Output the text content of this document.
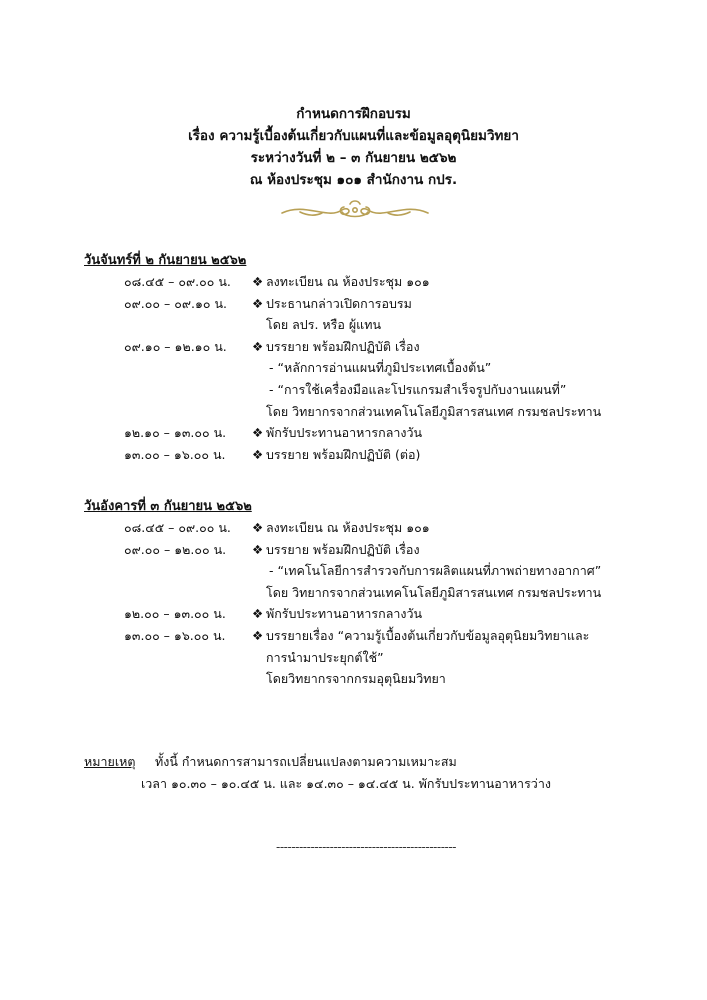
กำหนดการฝึกอบรม
เรื่อง ความรู้เบื้องต้นเกี่ยวกับแผนที่และข้อมูลอุตุนิยมวิทยา
ระหว่างวันที่ ๒ – ๓ กันยายน ๒๕๖๒
ณ ห้องประชุม ๑๐๑ สำนักงาน กปร.
วันจันทร์ที่ ๒ กันยายน ๒๕๖๒
๐๘.๔๕ – ๐๙.๐๐ น.	❖ ลงทะเบียน ณ ห้องประชุม ๑๐๑
๐๙.๐๐ – ๐๙.๑๐ น.	❖ ประธานกล่าวเปิดการอบรม
โดย ลปร. หรือ ผู้แทน
๐๙.๑๐ – ๑๒.๑๐ น.	❖ บรรยาย พร้อมฝึกปฏิบัติ เรื่อง
- “หลักการอ่านแผนที่ภูมิประเทศเบื้องต้น”
- “การใช้เครื่องมือและโปรแกรมสำเร็จรูปกับงานแผนที่”
โดย วิทยากรจากส่วนเทคโนโลยีภูมิสารสนเทศ กรมชลประทาน
๑๒.๑๐ – ๑๓.๐๐ น.	❖ พักรับประทานอาหารกลางวัน
๑๓.๐๐ – ๑๖.๐๐ น.	❖ บรรยาย พร้อมฝึกปฏิบัติ (ต่อ)
วันอังคารที่ ๓ กันยายน ๒๕๖๒
๐๘.๔๕ – ๐๙.๐๐ น.	❖ ลงทะเบียน ณ ห้องประชุม ๑๐๑
๐๙.๐๐ – ๑๒.๐๐ น.	❖ บรรยาย พร้อมฝึกปฏิบัติ เรื่อง
- “เทคโนโลยีการสำรวจกับการผลิตแผนที่ภาพถ่ายทางอากาศ”
โดย วิทยากรจากส่วนเทคโนโลยีภูมิสารสนเทศ กรมชลประทาน
๑๒.๐๐ – ๑๓.๐๐ น.	❖ พักรับประทานอาหารกลางวัน
๑๓.๐๐ – ๑๖.๐๐ น.	❖ บรรยายเรื่อง “ความรู้เบื้องต้นเกี่ยวกับข้อมูลอุตุนิยมวิทยาและ
การนำมาประยุกต์ใช้”
โดยวิทยากรจากกรมอุตุนิยมวิทยา
หมายเหตุ ทั้งนี้ กำหนดการสามารถเปลี่ยนแปลงตามความเหมาะสม
เวลา ๑๐.๓๐ – ๑๐.๔๕ น. และ ๑๔.๓๐ – ๑๔.๔๕ น. พักรับประทานอาหารว่าง
-----------------------------------------------
